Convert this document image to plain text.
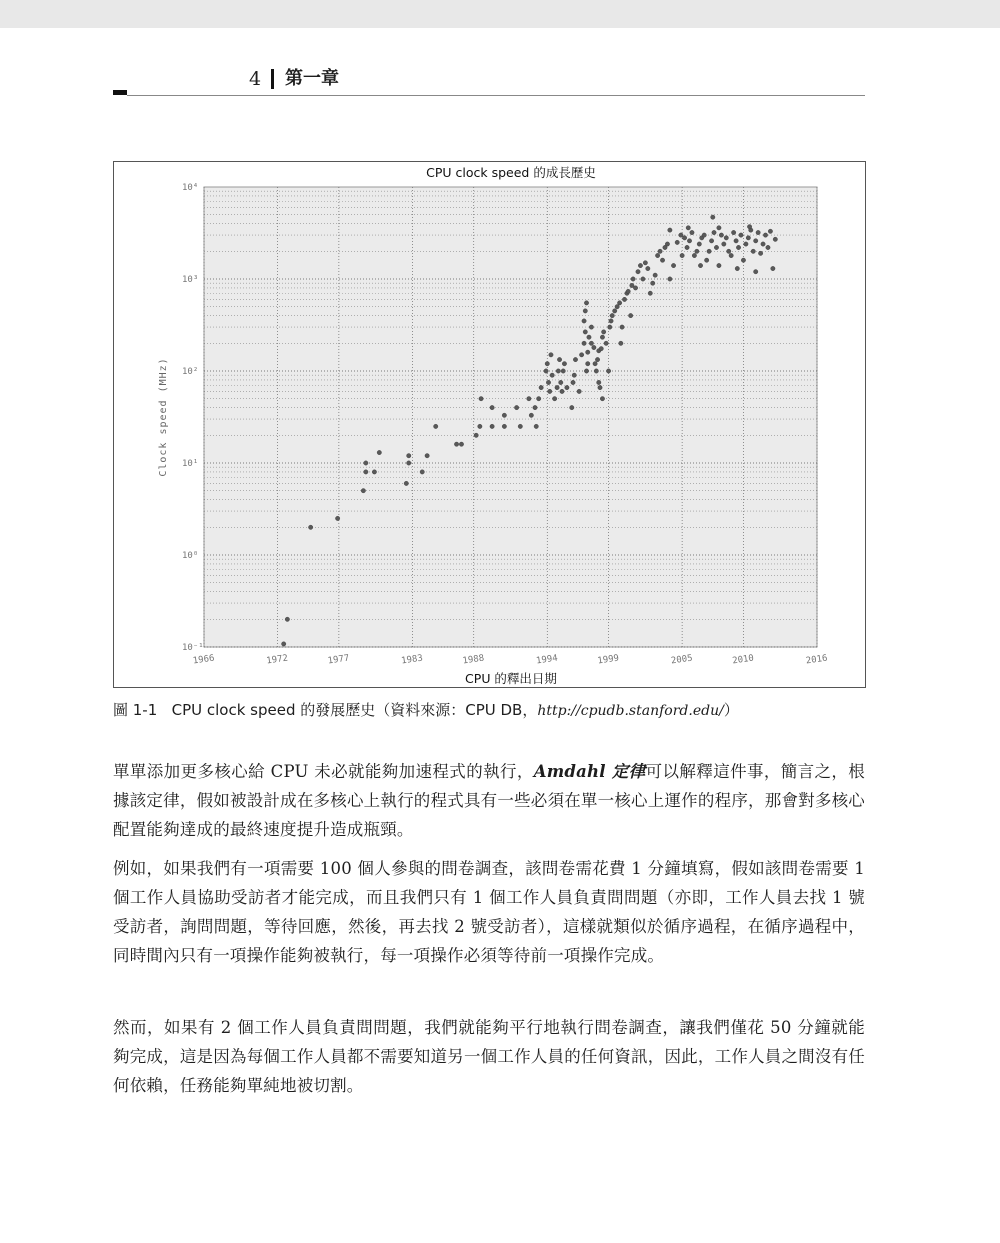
4 第一章
CPU clock speed 的成長歷史
10⁻¹
10⁰
10¹
10²
10³
10⁴
1966	1972	1977	1983	1988	1994	1999	2005	2010	2016
Clock speed (MHz)
CPU 的釋出日期
圖 1-1 CPU clock speed 的發展歷史（資料來源：CPU DB，http://cpudb.stanford.edu/）

單單添加更多核心給 CPU 未必就能夠加速程式的執行，Amdahl 定律可以解釋這件事，簡言之，根據該定律，假如被設計成在多核心上執行的程式具有一些必須在單一核心上運作的程序，那會對多核心配置能夠達成的最終速度提升造成瓶頸。

例如，如果我們有一項需要 100 個人參與的問卷調查，該問卷需花費 1 分鐘填寫，假如該問卷需要 1 個工作人員協助受訪者才能完成，而且我們只有 1 個工作人員負責問問題（亦即，工作人員去找 1 號受訪者，詢問問題，等待回應，然後，再去找 2 號受訪者），這樣就類似於循序過程，在循序過程中，同時間內只有一項操作能夠被執行，每一項操作必須等待前一項操作完成。

然而，如果有 2 個工作人員負責問問題，我們就能夠平行地執行問卷調查，讓我們僅花 50 分鐘就能夠完成，這是因為每個工作人員都不需要知道另一個工作人員的任何資訊，因此，工作人員之間沒有任何依賴，任務能夠單純地被切割。
